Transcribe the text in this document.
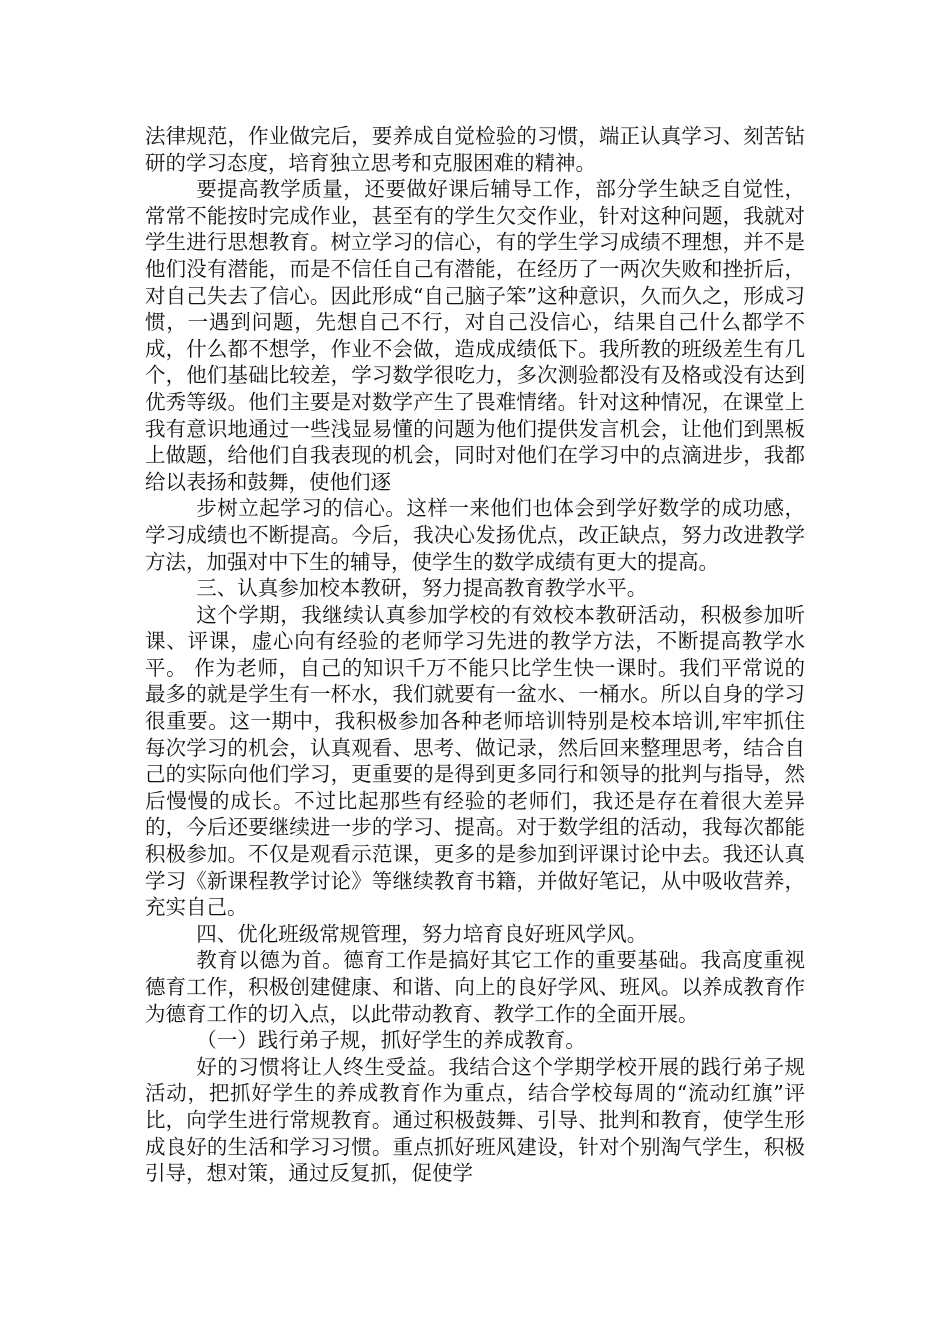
法律规范，作业做完后，要养成自觉检验的习惯，端正认真学习、刻苦钻研的学习态度，培育独立思考和克服困难的精神。

要提高教学质量，还要做好课后辅导工作，部分学生缺乏自觉性，常常不能按时完成作业，甚至有的学生欠交作业，针对这种问题，我就对学生进行思想教育。树立学习的信心，有的学生学习成绩不理想，并不是他们没有潜能，而是不信任自己有潜能，在经历了一两次失败和挫折后，对自己失去了信心。因此形成“自己脑子笨”这种意识，久而久之，形成习惯，一遇到问题，先想自己不行，对自己没信心，结果自己什么都学不成，什么都不想学，作业不会做，造成成绩低下。我所教的班级差生有几个，他们基础比较差，学习数学很吃力，多次测验都没有及格或没有达到优秀等级。他们主要是对数学产生了畏难情绪。针对这种情况，在课堂上我有意识地通过一些浅显易懂的问题为他们提供发言机会，让他们到黑板上做题，给他们自我表现的机会，同时对他们在学习中的点滴进步，我都给以表扬和鼓舞，使他们逐

步树立起学习的信心。这样一来他们也体会到学好数学的成功感，学习成绩也不断提高。今后，我决心发扬优点，改正缺点，努力改进教学方法，加强对中下生的辅导，使学生的数学成绩有更大的提高。

三、认真参加校本教研，努力提高教育教学水平。

这个学期，我继续认真参加学校的有效校本教研活动，积极参加听课、评课，虚心向有经验的老师学习先进的教学方法，不断提高教学水平。 作为老师，自己的知识千万不能只比学生快一课时。我们平常说的最多的就是学生有一杯水，我们就要有一盆水、一桶水。所以自身的学习很重要。这一期中，我积极参加各种老师培训特别是校本培训,牢牢抓住每次学习的机会，认真观看、思考、做记录，然后回来整理思考，结合自己的实际向他们学习，更重要的是得到更多同行和领导的批判与指导，然后慢慢的成长。不过比起那些有经验的老师们，我还是存在着很大差异的，今后还要继续进一步的学习、提高。对于数学组的活动，我每次都能积极参加。不仅是观看示范课，更多的是参加到评课讨论中去。我还认真学习《新课程教学讨论》等继续教育书籍，并做好笔记，从中吸收营养，充实自己。

四、优化班级常规管理，努力培育良好班风学风。

教育以德为首。德育工作是搞好其它工作的重要基础。我高度重视德育工作，积极创建健康、和谐、向上的良好学风、班风。以养成教育作为德育工作的切入点，以此带动教育、教学工作的全面开展。

（一）践行弟子规，抓好学生的养成教育。

好的习惯将让人终生受益。我结合这个学期学校开展的践行弟子规活动，把抓好学生的养成教育作为重点，结合学校每周的“流动红旗”评比，向学生进行常规教育。通过积极鼓舞、引导、批判和教育，使学生形成良好的生活和学习习惯。重点抓好班风建设，针对个别淘气学生，积极引导，想对策，通过反复抓，促使学
